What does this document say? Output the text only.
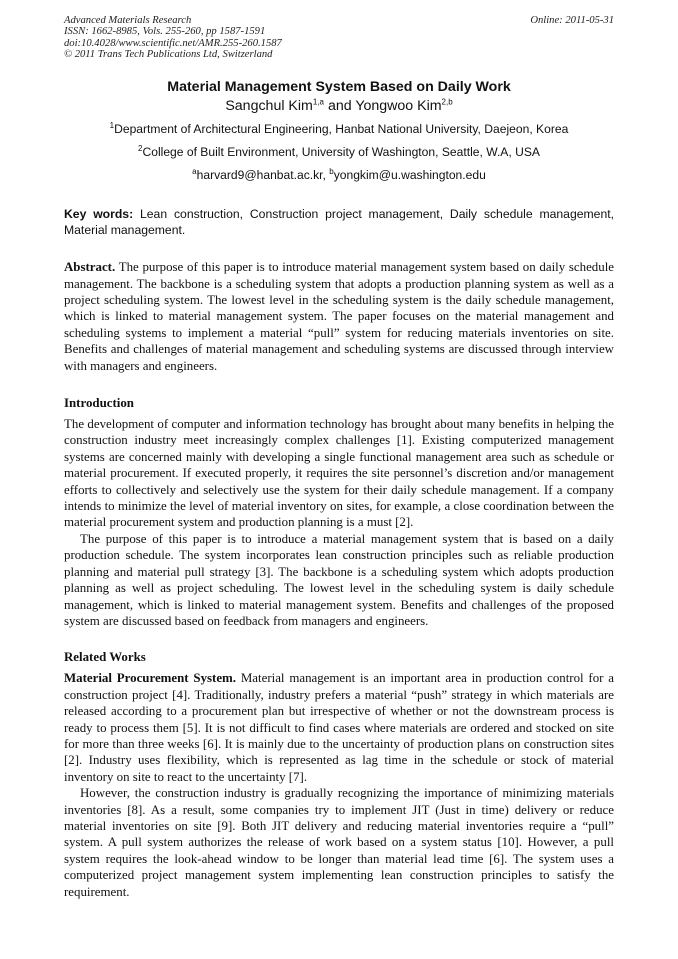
Advanced Materials Research
ISSN: 1662-8985, Vols. 255-260, pp 1587-1591
doi:10.4028/www.scientific.net/AMR.255-260.1587
© 2011 Trans Tech Publications Ltd, Switzerland
Online: 2011-05-31
Material Management System Based on Daily Work
Sangchul Kim$^{1,a}$ and Yongwoo Kim$^{2,b}$
$^1$Department of Architectural Engineering, Hanbat National University, Daejeon, Korea
$^2$College of Built Environment, University of Washington, Seattle, W.A, USA
$^a$harvard9@hanbat.ac.kr, $^b$yongkim@u.washington.edu
Key words: Lean construction, Construction project management, Daily schedule management, Material management.

Abstract. The purpose of this paper is to introduce material management system based on daily schedule management. The backbone is a scheduling system that adopts a production planning system as well as a project scheduling system. The lowest level in the scheduling system is the daily schedule management, which is linked to material management system. The paper focuses on the material management and scheduling systems to implement a material “pull” system for reducing materials inventories on site. Benefits and challenges of material management and scheduling systems are discussed through interview with managers and engineers.

Introduction

The development of computer and information technology has brought about many benefits in helping the construction industry meet increasingly complex challenges [1]. Existing computerized management systems are concerned mainly with developing a single functional management area such as schedule or material procurement. If executed properly, it requires the site personnel’s discretion and/or management efforts to collectively and selectively use the system for their daily schedule management. If a company intends to minimize the level of material inventory on sites, for example, a close coordination between the material procurement system and production planning is a must [2].

The purpose of this paper is to introduce a material management system that is based on a daily production schedule. The system incorporates lean construction principles such as reliable production planning and material pull strategy [3]. The backbone is a scheduling system which adopts production planning as well as project scheduling. The lowest level in the scheduling system is daily schedule management, which is linked to material management system. Benefits and challenges of the proposed system are discussed based on feedback from managers and engineers.

Related Works

Material Procurement System. Material management is an important area in production control for a construction project [4]. Traditionally, industry prefers a material “push” strategy in which materials are released according to a procurement plan but irrespective of whether or not the downstream process is ready to process them [5]. It is not difficult to find cases where materials are ordered and stocked on site for more than three weeks [6]. It is mainly due to the uncertainty of production plans on construction sites [2]. Industry uses flexibility, which is represented as lag time in the schedule or stock of material inventory on site to react to the uncertainty [7].

However, the construction industry is gradually recognizing the importance of minimizing materials inventories [8]. As a result, some companies try to implement JIT (Just in time) delivery or reduce material inventories on site [9]. Both JIT delivery and reducing material inventories require a “pull” system. A pull system authorizes the release of work based on a system status [10]. However, a pull system requires the look-ahead window to be longer than material lead time [6]. The system uses a computerized project management system implementing lean construction principles to satisfy the requirement.
